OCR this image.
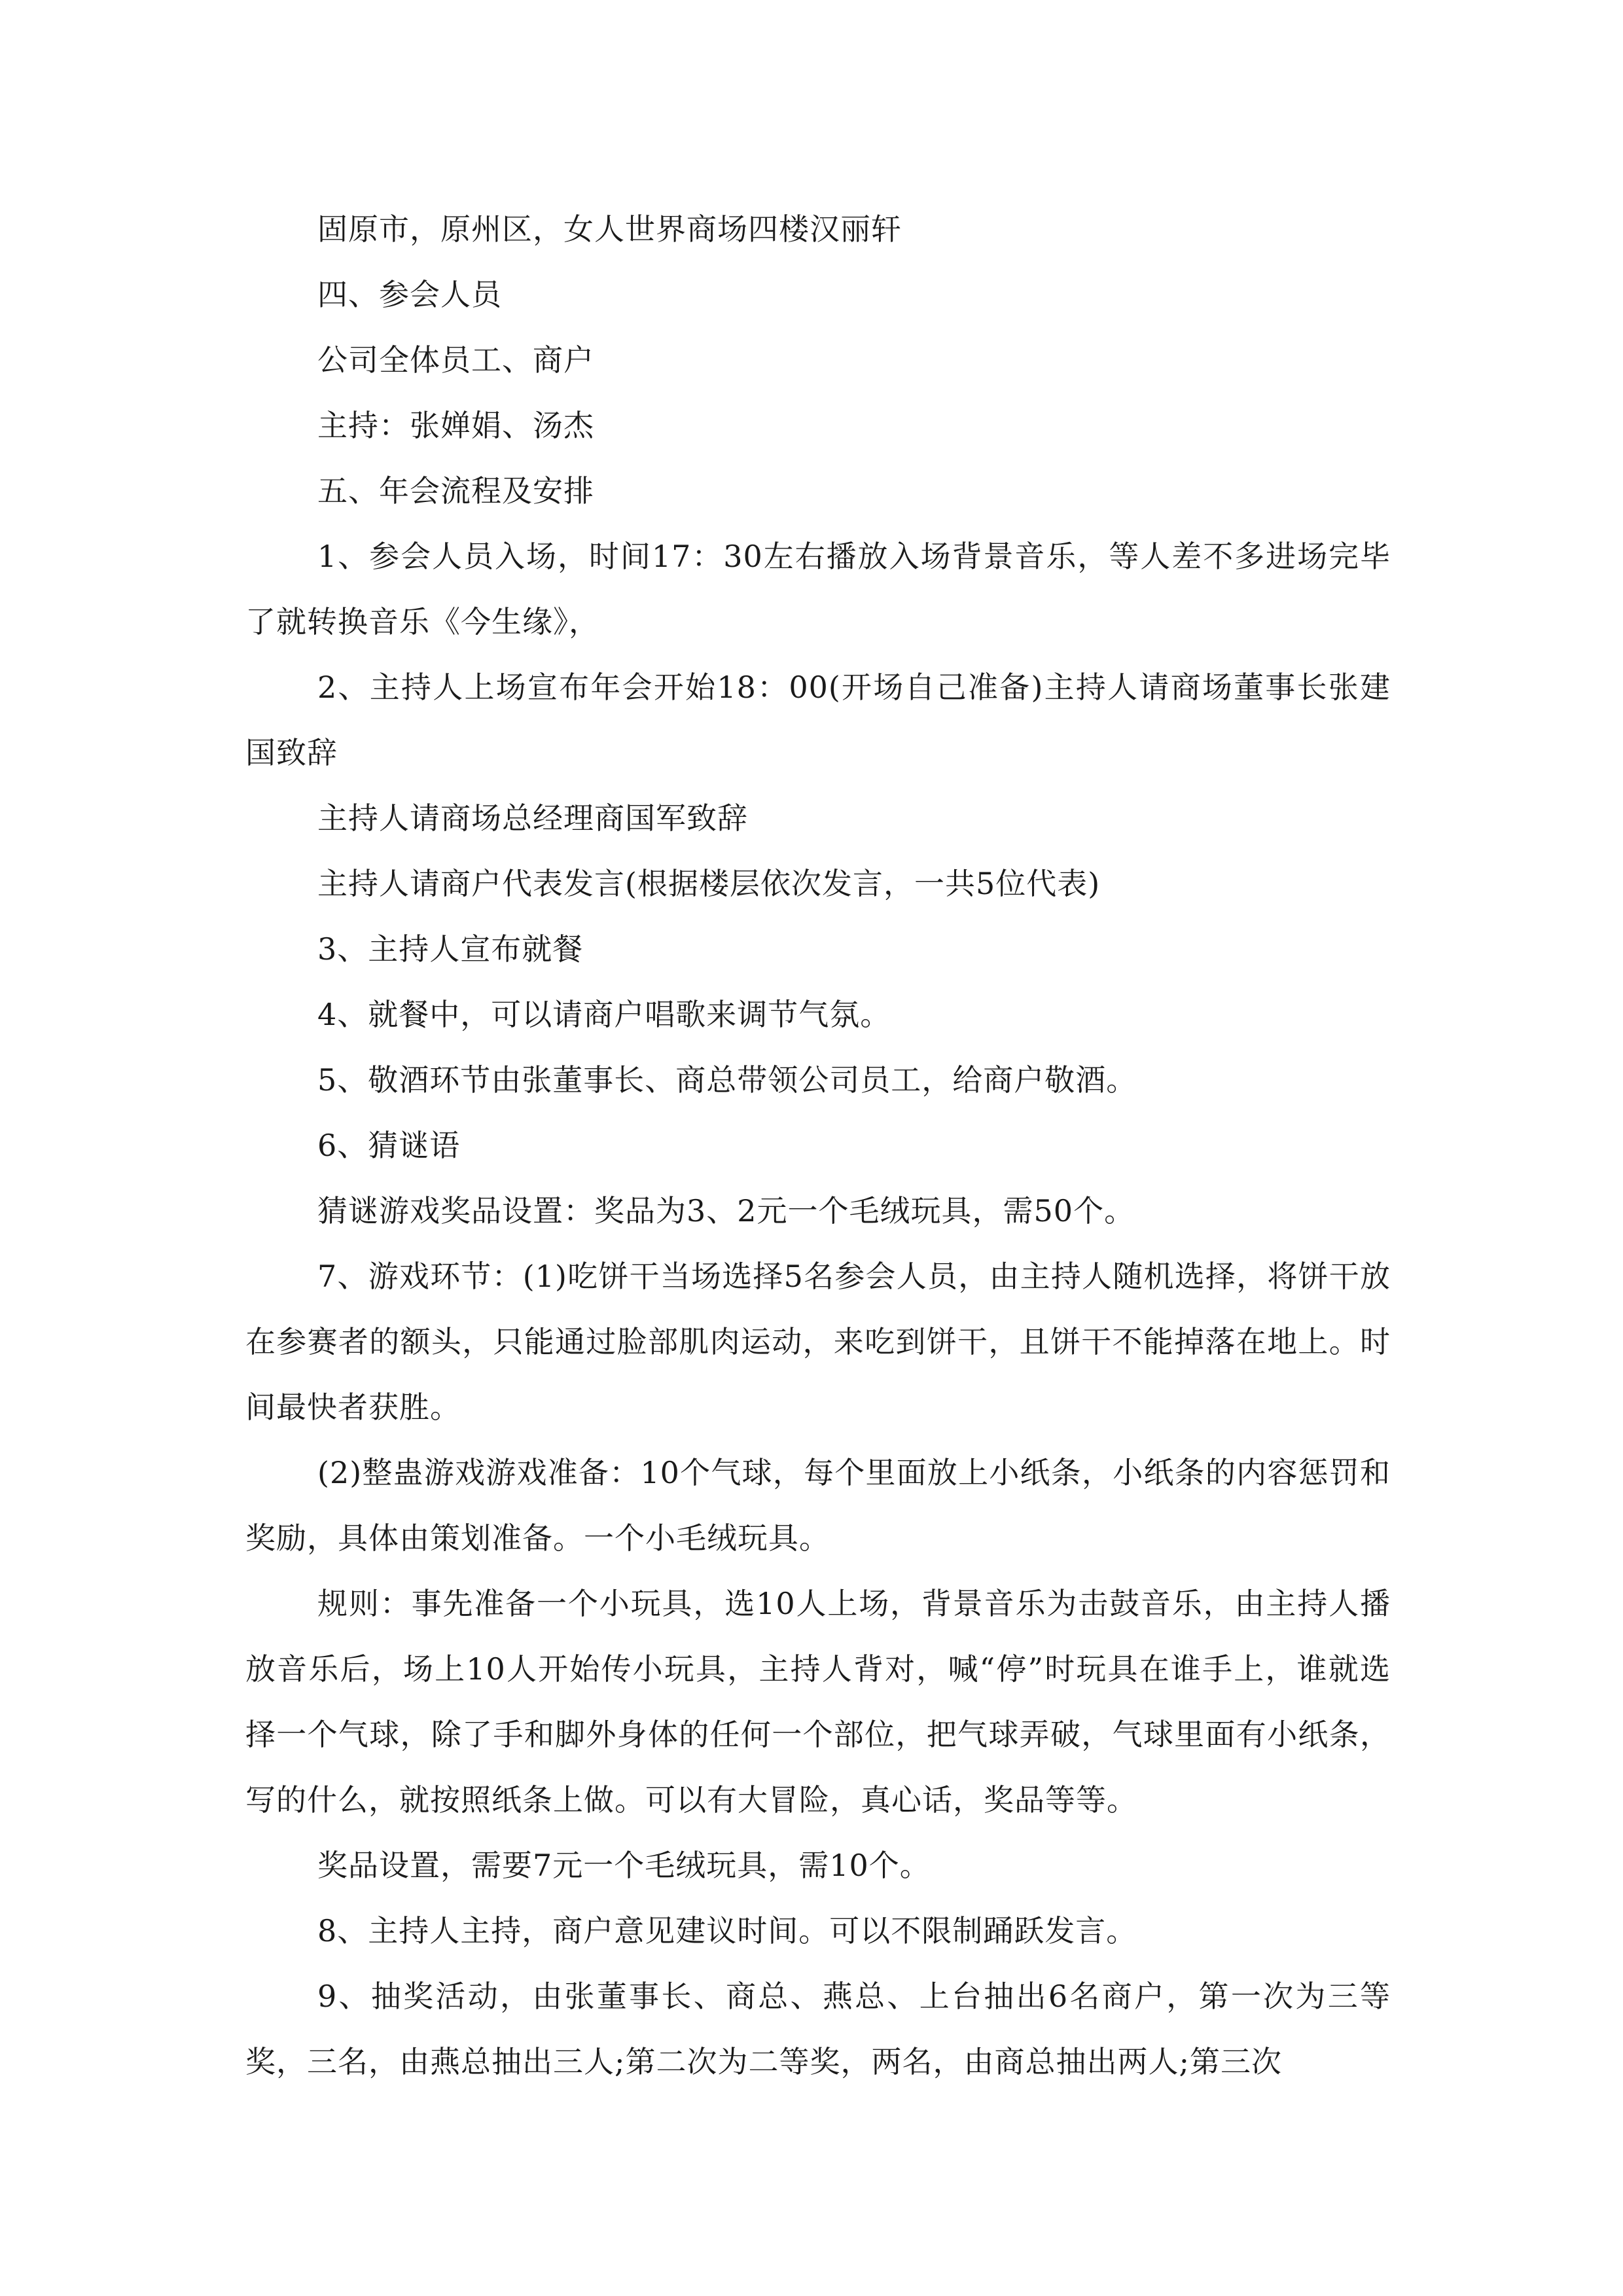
固原市，原州区，女人世界商场四楼汉丽轩

四、参会人员

公司全体员工、商户

主持：张婵娟、汤杰

五、年会流程及安排

1、参会人员入场，时间17：30左右播放入场背景音乐，等人差不多进场完毕了就转换音乐《今生缘》，

2、主持人上场宣布年会开始18：00(开场自己准备)主持人请商场董事长张建国致辞

主持人请商场总经理商国军致辞

主持人请商户代表发言(根据楼层依次发言，一共5位代表)

3、主持人宣布就餐

4、就餐中，可以请商户唱歌来调节气氛。

5、敬酒环节由张董事长、商总带领公司员工，给商户敬酒。

6、猜谜语

猜谜游戏奖品设置：奖品为3、2元一个毛绒玩具，需50个。

7、游戏环节：(1)吃饼干当场选择5名参会人员，由主持人随机选择，将饼干放在参赛者的额头，只能通过脸部肌肉运动，来吃到饼干，且饼干不能掉落在地上。时间最快者获胜。

(2)整蛊游戏游戏准备：10个气球，每个里面放上小纸条，小纸条的内容惩罚和奖励，具体由策划准备。一个小毛绒玩具。

规则：事先准备一个小玩具，选10人上场，背景音乐为击鼓音乐，由主持人播放音乐后，场上10人开始传小玩具，主持人背对，喊“停”时玩具在谁手上，谁就选择一个气球，除了手和脚外身体的任何一个部位，把气球弄破，气球里面有小纸条，写的什么，就按照纸条上做。可以有大冒险，真心话，奖品等等。

奖品设置，需要7元一个毛绒玩具，需10个。

8、主持人主持，商户意见建议时间。可以不限制踊跃发言。

9、抽奖活动，由张董事长、商总、燕总、上台抽出6名商户，第一次为三等奖，三名，由燕总抽出三人;第二次为二等奖，两名，由商总抽出两人;第三次
